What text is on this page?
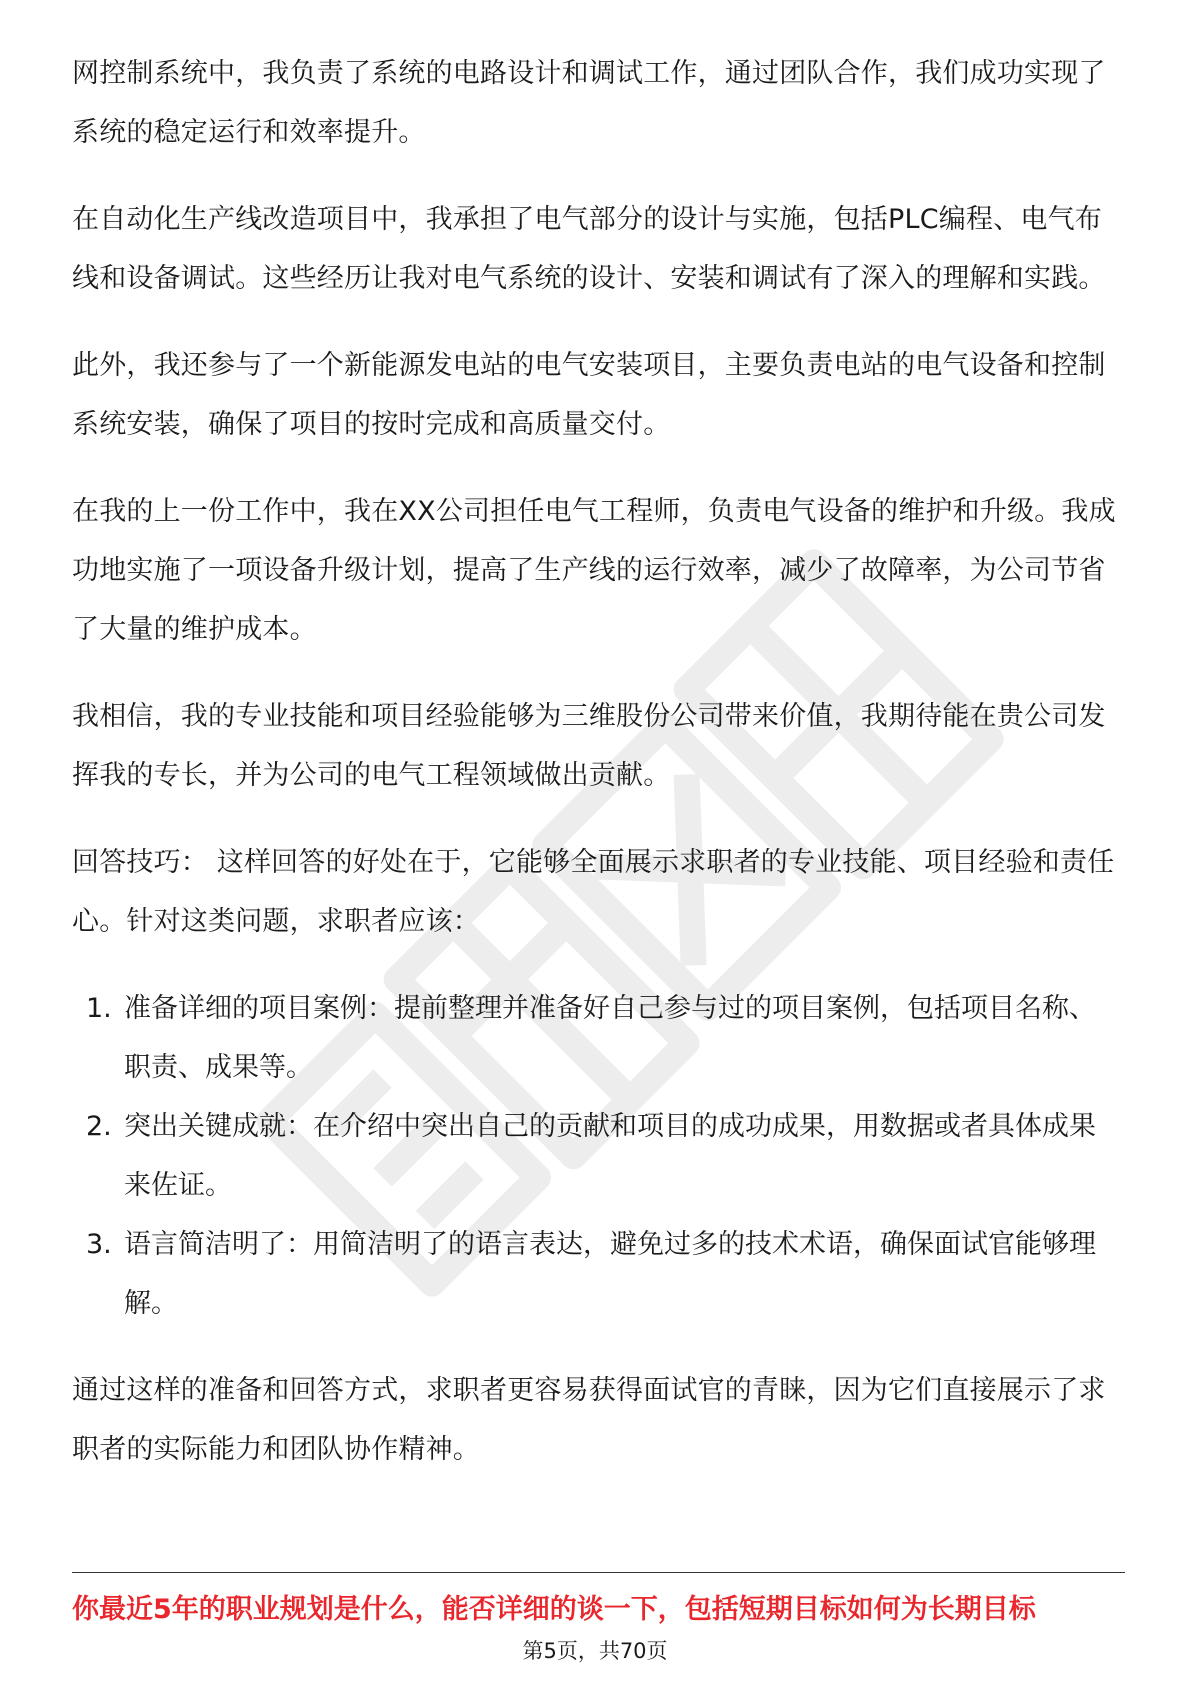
网控制系统中，我负责了系统的电路设计和调试工作，通过团队合作，我们成功实现了系统的稳定运行和效率提升。

在自动化生产线改造项目中，我承担了电气部分的设计与实施，包括PLC编程、电气布线和设备调试。这些经历让我对电气系统的设计、安装和调试有了深入的理解和实践。

此外，我还参与了一个新能源发电站的电气安装项目，主要负责电站的电气设备和控制系统安装，确保了项目的按时完成和高质量交付。

在我的上一份工作中，我在XX公司担任电气工程师，负责电气设备的维护和升级。我成功地实施了一项设备升级计划，提高了生产线的运行效率，减少了故障率，为公司节省了大量的维护成本。

我相信，我的专业技能和项目经验能够为三维股份公司带来价值，我期待能在贵公司发挥我的专长，并为公司的电气工程领域做出贡献。

回答技巧： 这样回答的好处在于，它能够全面展示求职者的专业技能、项目经验和责任心。针对这类问题，求职者应该：

1. 准备详细的项目案例：提前整理并准备好自己参与过的项目案例，包括项目名称、职责、成果等。
2. 突出关键成就：在介绍中突出自己的贡献和项目的成功成果，用数据或者具体成果来佐证。
3. 语言简洁明了：用简洁明了的语言表达，避免过多的技术术语，确保面试官能够理解。

通过这样的准备和回答方式，求职者更容易获得面试官的青睐，因为它们直接展示了求职者的实际能力和团队协作精神。

你最近5年的职业规划是什么，能否详细的谈一下，包括短期目标如何为长期目标
第5页，共70页
